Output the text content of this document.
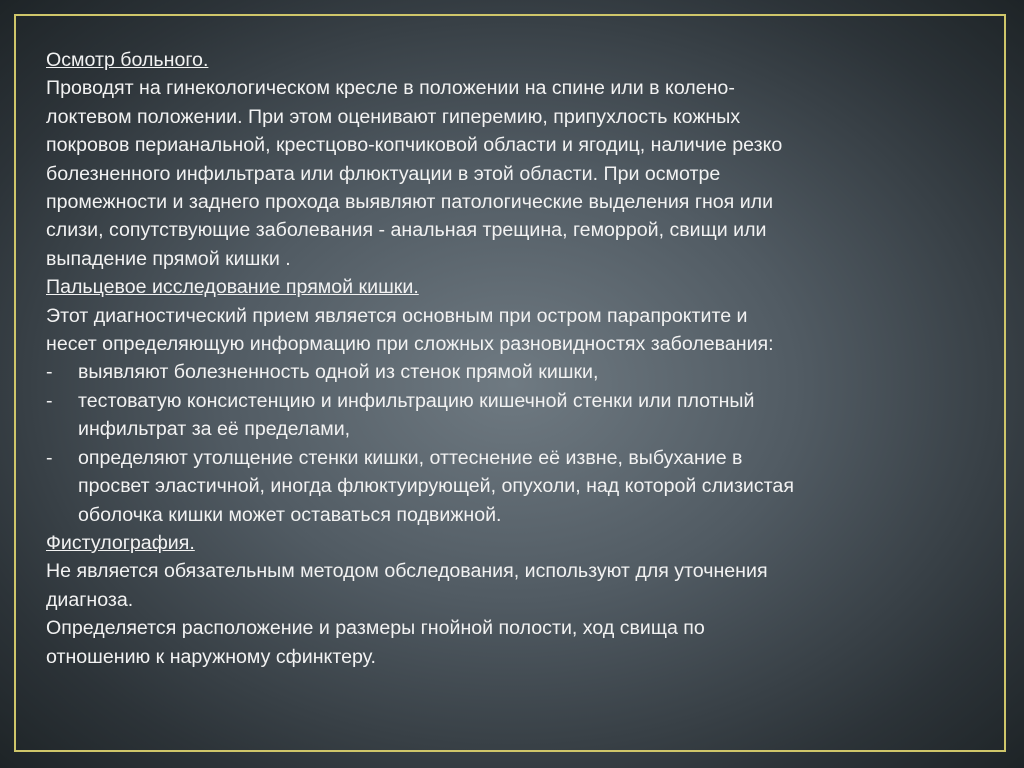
Осмотр больного.
Проводят на гинекологическом кресле в положении на спине или в колено-
локтевом положении. При этом оценивают гиперемию, припухлость кожных
покровов перианальной, крестцово-копчиковой области и ягодиц, наличие резко
болезненного инфильтрата или флюктуации в этой области. При осмотре
промежности и заднего прохода выявляют патологические выделения гноя или
слизи, сопутствующие заболевания - анальная трещина, геморрой, свищи или
выпадение прямой кишки .
Пальцевое исследование прямой кишки.
Этот диагностический прием является основным при остром парапроктите и
несет определяющую информацию при сложных разновидностях заболевания:
-	выявляют болезненность одной из стенок прямой кишки,
-	тестоватую консистенцию и инфильтрацию кишечной стенки или плотный
инфильтрат за её пределами,
-	определяют утолщение стенки кишки, оттеснение её извне, выбухание в
просвет эластичной, иногда флюктуирующей, опухоли, над которой слизистая
оболочка кишки может оставаться подвижной.
Фистулография.
Не является обязательным методом обследования, используют для уточнения
диагноза.
Определяется расположение и размеры гнойной полости, ход свища по
отношению к наружному сфинктеру.
